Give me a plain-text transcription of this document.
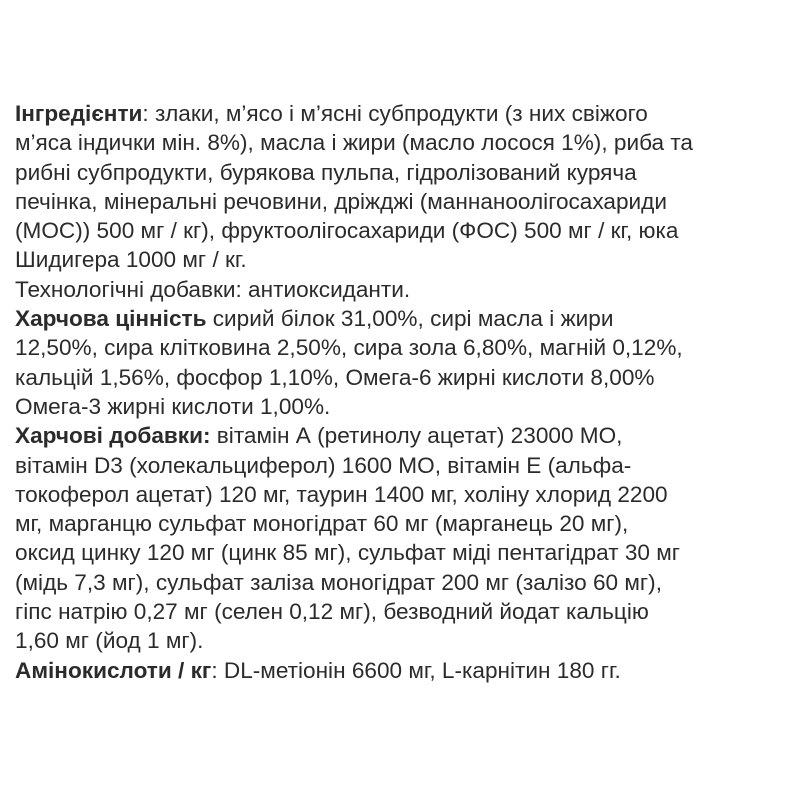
Інгредієнти: злаки, м’ясо і м’ясні субпродукти (з них свіжого
м’яса індички мін. 8%), масла і жири (масло лосося 1%), риба та
рибні субпродукти, бурякова пульпа, гідролізований куряча
печінка, мінеральні речовини, дріжджі (маннаноолігосахариди
(МОС)) 500 мг / кг), фруктоолігосахариди (ФОС) 500 мг / кг, юка
Шидигера 1000 мг / кг.
Технологічні добавки: антиоксиданти.
Харчова цінність сирий білок 31,00%, сирі масла і жири
12,50%, сира клітковина 2,50%, сира зола 6,80%, магній 0,12%,
кальцій 1,56%, фосфор 1,10%, Омега-6 жирні кислоти 8,00%
Омега-3 жирні кислоти 1,00%.
Харчові добавки: вітамін А (ретинолу ацетат) 23000 МО,
вітамін D3 (холекальциферол) 1600 МО, вітамін Е (альфа-
токоферол ацетат) 120 мг, таурин 1400 мг, холіну хлорид 2200
мг, марганцю сульфат моногідрат 60 мг (марганець 20 мг),
оксид цинку 120 мг (цинк 85 мг), сульфат міді пентагідрат 30 мг
(мідь 7,3 мг), сульфат заліза моногідрат 200 мг (залізо 60 мг),
гіпс натрію 0,27 мг (селен 0,12 мг), безводний йодат кальцію
1,60 мг (йод 1 мг).
Амінокислоти / кг: DL-метіонін 6600 мг, L-карнітин 180 гг.
